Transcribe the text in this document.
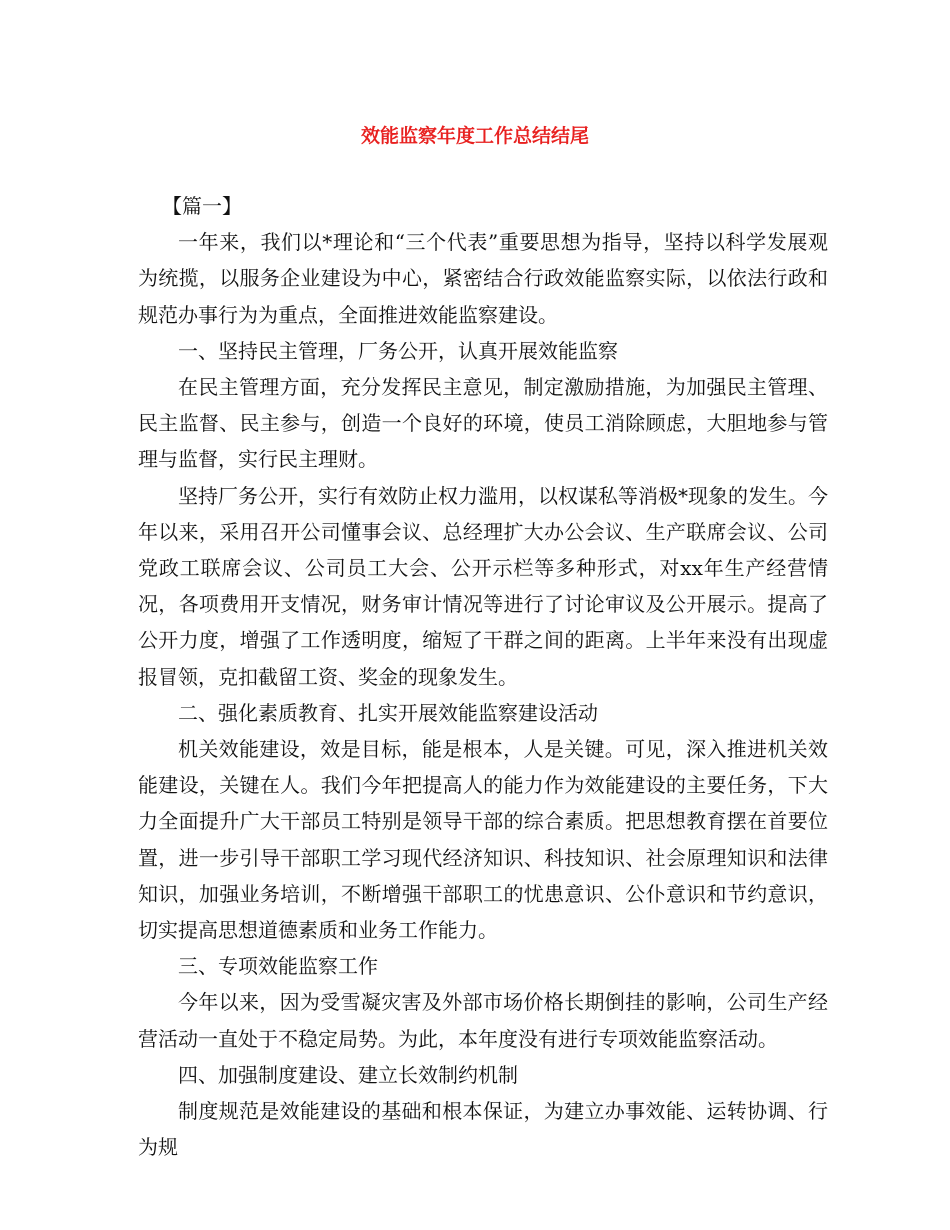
效能监察年度工作总结结尾

【篇一】

一年来，我们以*理论和“三个代表”重要思想为指导，坚持以科学发展观为统揽，以服务企业建设为中心，紧密结合行政效能监察实际，以依法行政和规范办事行为为重点，全面推进效能监察建设。

一、坚持民主管理，厂务公开，认真开展效能监察

在民主管理方面，充分发挥民主意见，制定激励措施，为加强民主管理、民主监督、民主参与，创造一个良好的环境，使员工消除顾虑，大胆地参与管理与监督，实行民主理财。

坚持厂务公开，实行有效防止权力滥用，以权谋私等消极*现象的发生。今年以来，采用召开公司懂事会议、总经理扩大办公会议、生产联席会议、公司党政工联席会议、公司员工大会、公开示栏等多种形式，对xx年生产经营情况，各项费用开支情况，财务审计情况等进行了讨论审议及公开展示。提高了公开力度，增强了工作透明度，缩短了干群之间的距离。上半年来没有出现虚报冒领，克扣截留工资、奖金的现象发生。

二、强化素质教育、扎实开展效能监察建设活动

机关效能建设，效是目标，能是根本，人是关键。可见，深入推进机关效能建设，关键在人。我们今年把提高人的能力作为效能建设的主要任务，下大力全面提升广大干部员工特别是领导干部的综合素质。把思想教育摆在首要位置，进一步引导干部职工学习现代经济知识、科技知识、社会原理知识和法律知识，加强业务培训，不断增强干部职工的忧患意识、公仆意识和节约意识，切实提高思想道德素质和业务工作能力。

三、专项效能监察工作

今年以来，因为受雪凝灾害及外部市场价格长期倒挂的影响，公司生产经营活动一直处于不稳定局势。为此，本年度没有进行专项效能监察活动。

四、加强制度建设、建立长效制约机制

制度规范是效能建设的基础和根本保证，为建立办事效能、运转协调、行为规
